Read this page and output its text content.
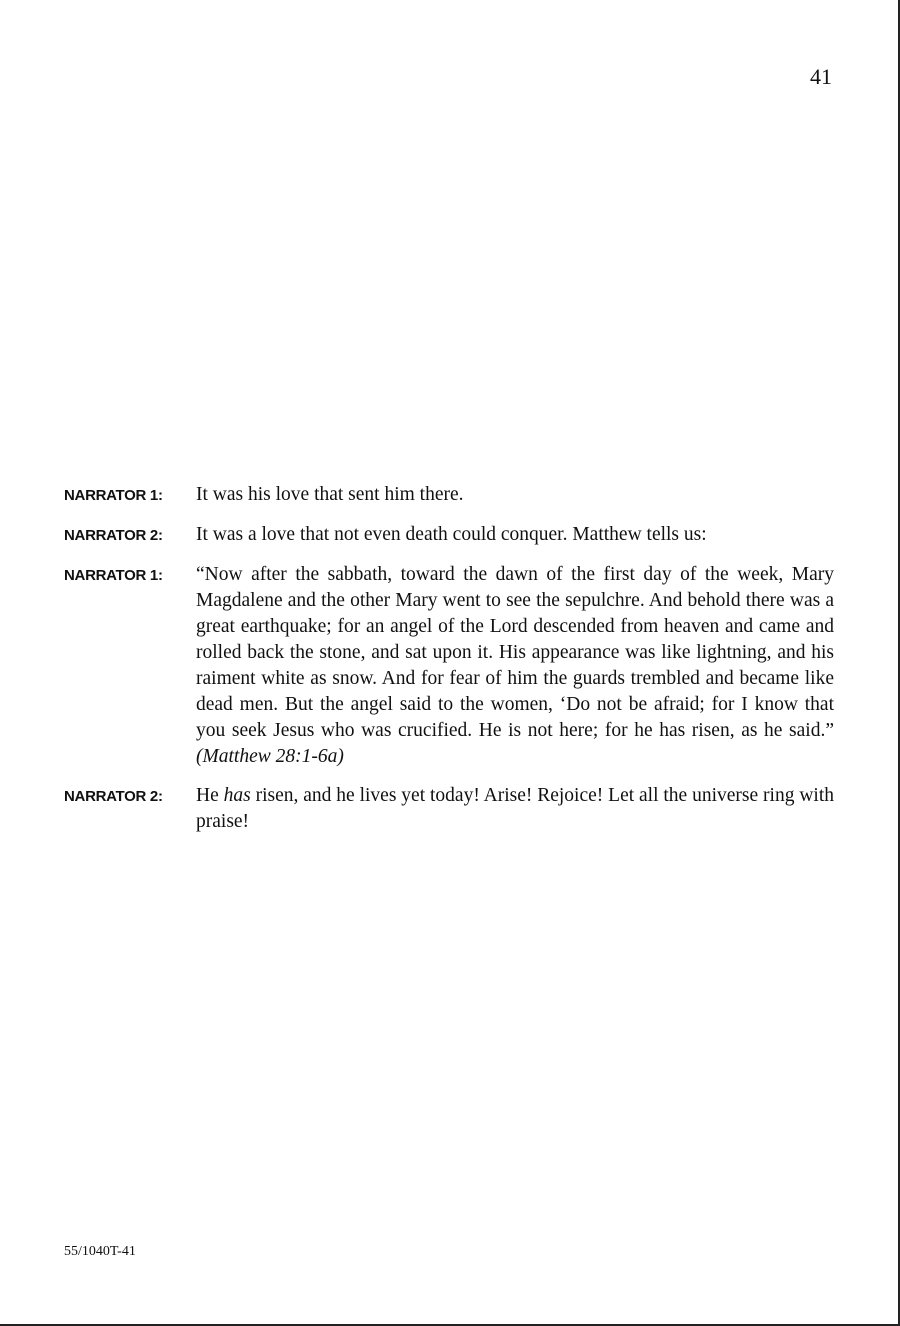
41
NARRATOR 1:	It was his love that sent him there.
NARRATOR 2:	It was a love that not even death could conquer. Matthew tells us:
NARRATOR 1:	“Now after the sabbath, toward the dawn of the first day of the week, Mary Magdalene and the other Mary went to see the sepulchre. And behold there was a great earthquake; for an angel of the Lord descended from heaven and came and rolled back the stone, and sat upon it. His appearance was like lightning, and his raiment white as snow. And for fear of him the guards trembled and became like dead men. But the angel said to the women, ‘Do not be afraid; for I know that you seek Jesus who was crucified. He is not here; for he has risen, as he said.” (Matthew 28:1-6a)
NARRATOR 2:	He has risen, and he lives yet today! Arise! Rejoice! Let all the universe ring with praise!
55/1040T-41
